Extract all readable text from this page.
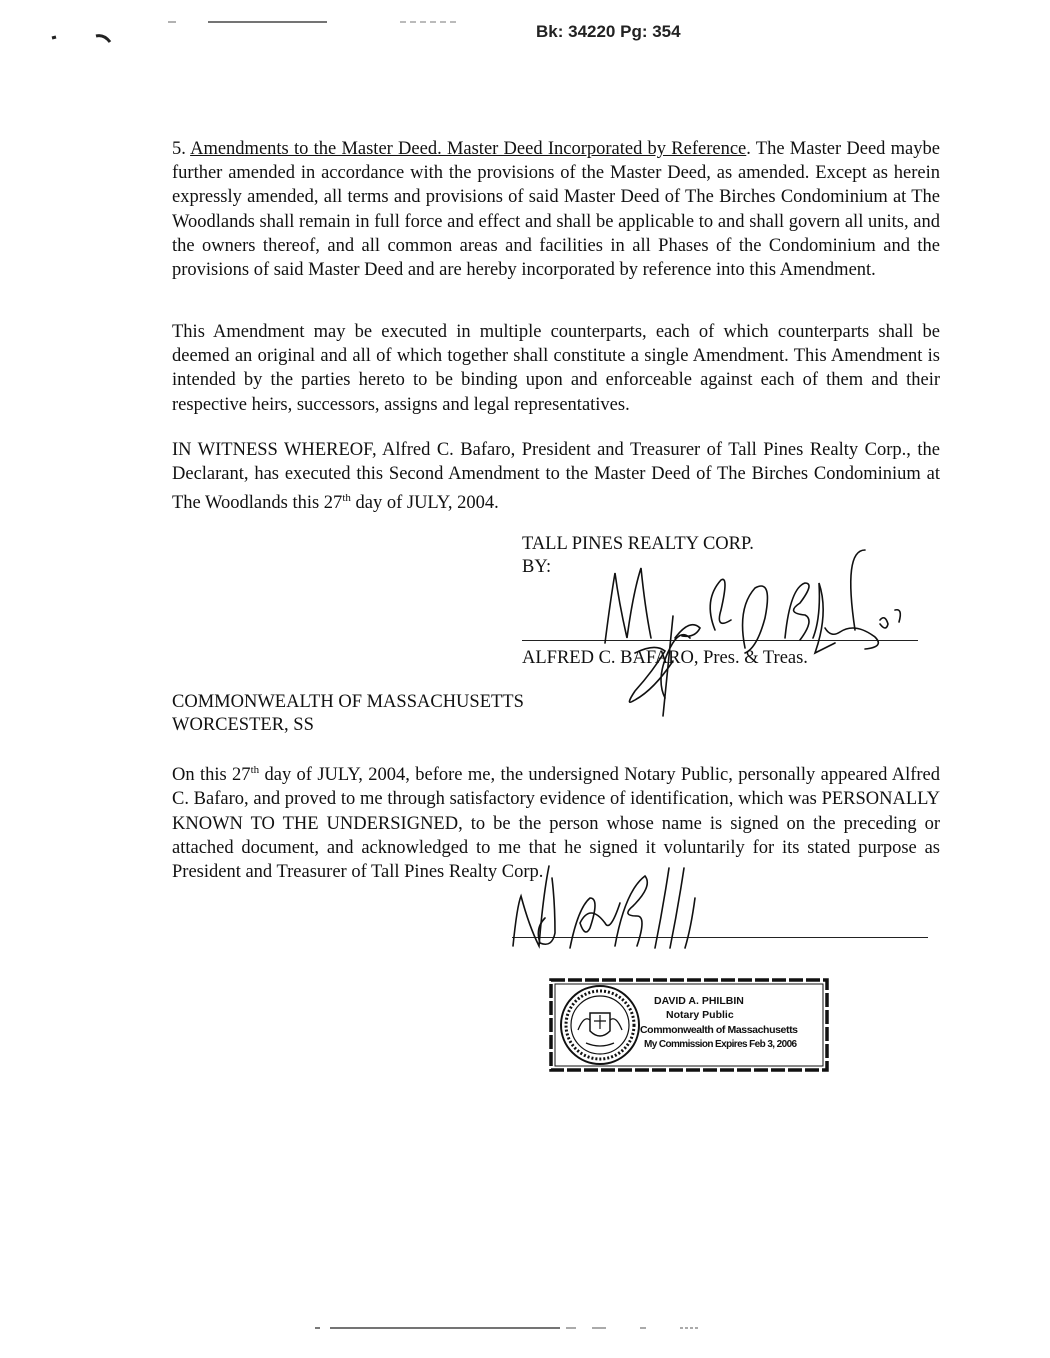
Bk: 34220 Pg: 354
5. Amendments to the Master Deed. Master Deed Incorporated by Reference. The Master Deed maybe further amended in accordance with the provisions of the Master Deed, as amended. Except as herein expressly amended, all terms and provisions of said Master Deed of The Birches Condominium at The Woodlands shall remain in full force and effect and shall be applicable to and shall govern all units, and the owners thereof, and all common areas and facilities in all Phases of the Condominium and the provisions of said Master Deed and are hereby incorporated by reference into this Amendment.
This Amendment may be executed in multiple counterparts, each of which counterparts shall be deemed an original and all of which together shall constitute a single Amendment. This Amendment is intended by the parties hereto to be binding upon and enforceable against each of them and their respective heirs, successors, assigns and legal representatives.
IN WITNESS WHEREOF, Alfred C. Bafaro, President and Treasurer of Tall Pines Realty Corp., the Declarant, has executed this Second Amendment to the Master Deed of The Birches Condominium at The Woodlands this 27th day of JULY, 2004.
TALL PINES REALTY CORP.
BY:
ALFRED C. BAFARO, Pres. & Treas.
COMMONWEALTH OF MASSACHUSETTS
WORCESTER, SS
On this 27th day of JULY, 2004, before me, the undersigned Notary Public, personally appeared Alfred C. Bafaro, and proved to me through satisfactory evidence of identification, which was PERSONALLY KNOWN TO THE UNDERSIGNED, to be the person whose name is signed on the preceding or attached document, and acknowledged to me that he signed it voluntarily for its stated purpose as President and Treasurer of Tall Pines Realty Corp.
DAVID A. PHILBIN
Notary Public
Commonwealth of Massachusetts
My Commission Expires Feb 3, 2006
